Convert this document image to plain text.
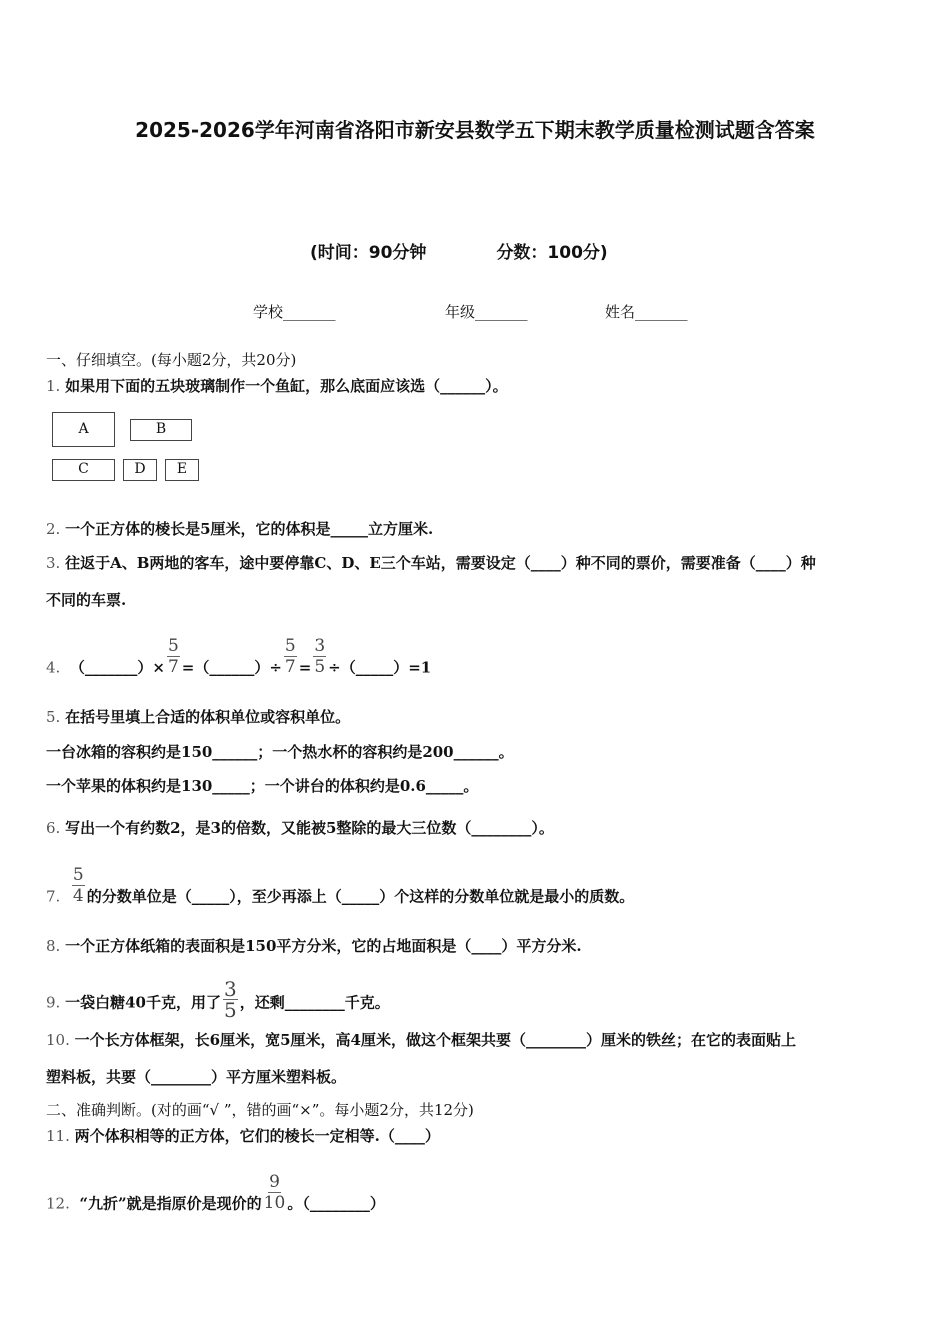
2025-2026学年河南省洛阳市新安县数学五下期末教学质量检测试题含答案
(时间：90分钟	分数：100分)
学校_______	年级_______	姓名_______
一、仔细填空。(每小题2分，共20分)
1. 如果用下面的五块玻璃制作一个鱼缸，那么底面应该选（______）。
A	B
C	D	E
2. 一个正方体的棱长是5厘米，它的体积是_____立方厘米.
3. 往返于A、B两地的客车，途中要停靠C、D、E三个车站，需要设定（____）种不同的票价，需要准备（____）种
不同的车票.
4. （_______）× $\frac{5}{7}$ =（______）÷ $\frac{5}{7} = \frac{3}{5}$ ÷（_____）=1
5. 在括号里填上合适的体积单位或容积单位。
一台冰箱的容积约是150______；一个热水杯的容积约是200______。
一个苹果的体积约是130_____；一个讲台的体积约是0.6_____。
6. 写出一个有约数2，是3的倍数，又能被5整除的最大三位数（________）。
7. $\frac{5}{4}$ 的分数单位是（_____），至少再添上（_____）个这样的分数单位就是最小的质数。
8. 一个正方体纸箱的表面积是150平方分米，它的占地面积是（____）平方分米.
9. 一袋白糖40千克，用了 $\frac{3}{5}$ ，还剩________千克。
10. 一个长方体框架，长6厘米，宽5厘米，高4厘米，做这个框架共要（________）厘米的铁丝；在它的表面贴上
塑料板，共要（________）平方厘米塑料板。
二、准确判断。(对的画“√ ”，错的画“×”。每小题2分，共12分)
11. 两个体积相等的正方体，它们的棱长一定相等.（____）
12. “九折”就是指原价是现价的 $\frac{9}{10}$ 。（________）
